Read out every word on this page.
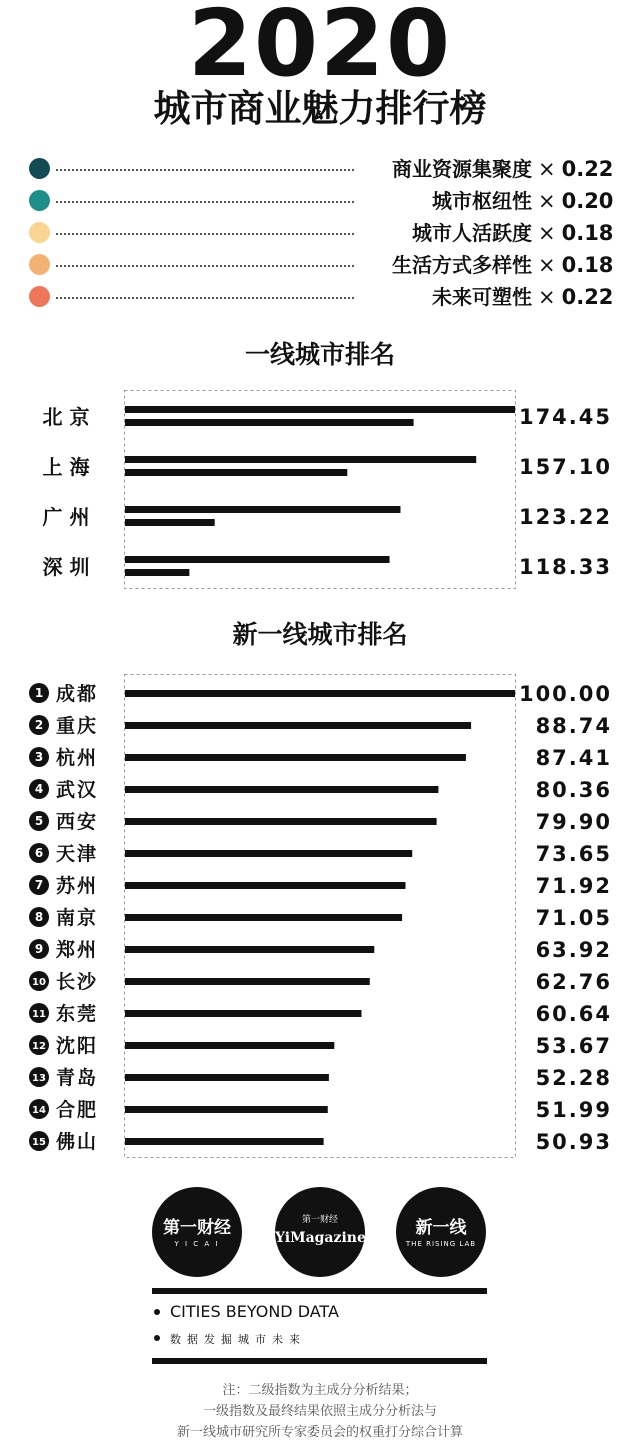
2020
城市商业魅力排行榜
商业资源集聚度 × 0.22
城市枢纽性 × 0.20
城市人活跃度 × 0.18
生活方式多样性 × 0.18
未来可塑性 × 0.22
一线城市排名
北 京	174.45
上 海	157.10
广 州	123.22
深 圳	118.33
新一线城市排名
1 成都	100.00
2 重庆	88.74
3 杭州	87.41
4 武汉	80.36
5 西安	79.90
6 天津	73.65
7 苏州	71.92
8 南京	71.05
9 郑州	63.92
10 长沙	62.76
11 东莞	60.64
12 沈阳	53.67
13 青岛	52.28
14 合肥	51.99
15 佛山	50.93
第一财经
Y I C A I
第一财经
YiMagazine	新一线
THE RISING LAB
CITIES BEYOND DATA
数据发掘城市未来
注：二级指数为主成分分析结果；
一级指数及最终结果依照主成分分析法与
新一线城市研究所专家委员会的权重打分综合计算
